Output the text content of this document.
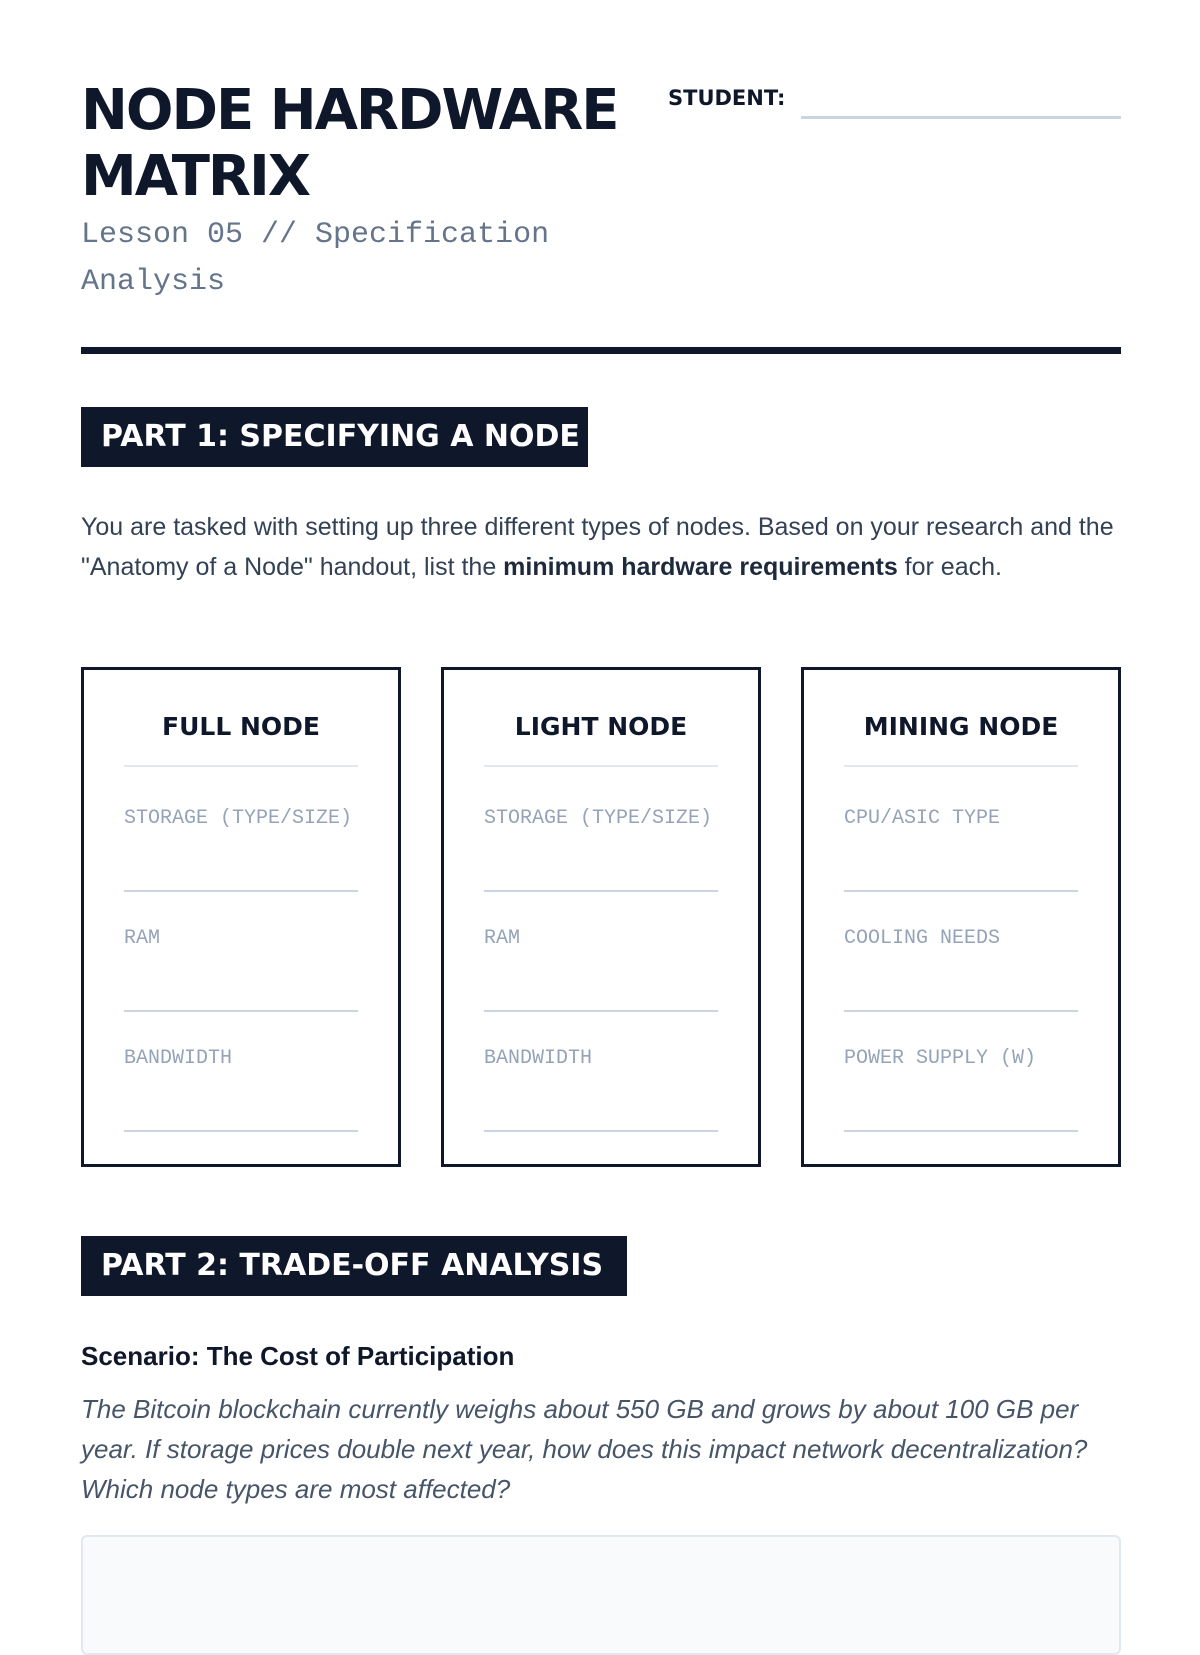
NODE HARDWARE MATRIX
Lesson 05 // Specification Analysis
STUDENT:
PART 1: SPECIFYING A NODE

You are tasked with setting up three different types of nodes. Based on your research and the "Anatomy of a Node" handout, list the minimum hardware requirements for each.

FULL NODE
STORAGE (TYPE/SIZE)
RAM
BANDWIDTH
LIGHT NODE
STORAGE (TYPE/SIZE)
RAM
BANDWIDTH
MINING NODE
CPU/ASIC TYPE
COOLING NEEDS
POWER SUPPLY (W)
PART 2: TRADE-OFF ANALYSIS
Scenario: The Cost of Participation

The Bitcoin blockchain currently weighs about 550 GB and grows by about 100 GB per year. If storage prices double next year, how does this impact network decentralization? Which node types are most affected?
